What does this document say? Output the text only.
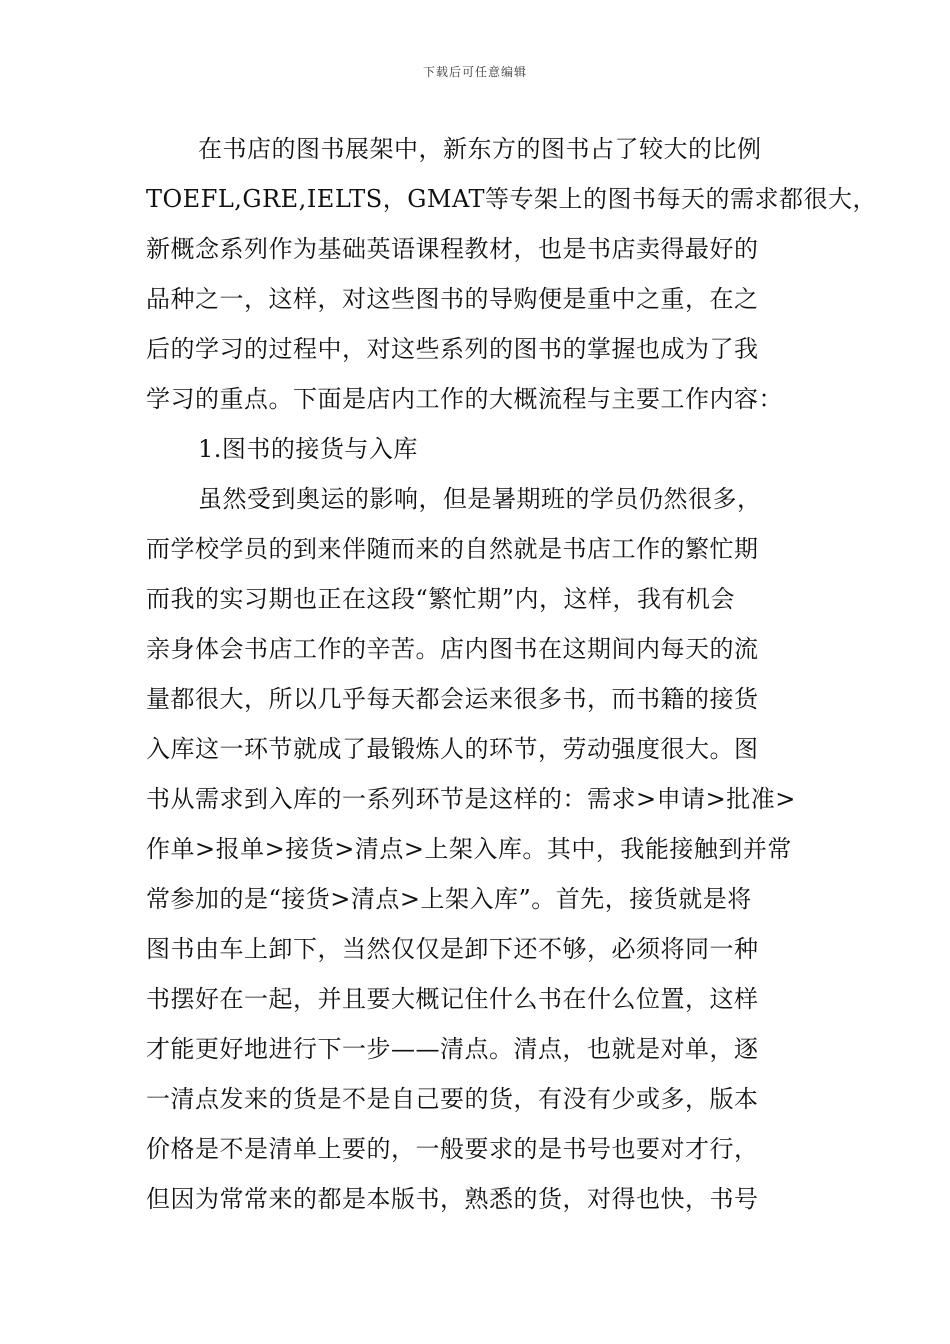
下载后可任意编辑
在书店的图书展架中，新东方的图书占了较大的比例
TOEFL,GRE,IELTS，GMAT等专架上的图书每天的需求都很大，
新概念系列作为基础英语课程教材，也是书店卖得最好的
品种之一，这样，对这些图书的导购便是重中之重，在之
后的学习的过程中，对这些系列的图书的掌握也成为了我
学习的重点。下面是店内工作的大概流程与主要工作内容：
1.图书的接货与入库
虽然受到奥运的影响，但是暑期班的学员仍然很多，
而学校学员的到来伴随而来的自然就是书店工作的繁忙期
而我的实习期也正在这段“繁忙期”内，这样，我有机会
亲身体会书店工作的辛苦。店内图书在这期间内每天的流
量都很大，所以几乎每天都会运来很多书，而书籍的接货
入库这一环节就成了最锻炼人的环节，劳动强度很大。图
书从需求到入库的一系列环节是这样的：需求>申请>批准>
作单>报单>接货>清点>上架入库。其中，我能接触到并常
常参加的是“接货>清点>上架入库”。首先，接货就是将
图书由车上卸下，当然仅仅是卸下还不够，必须将同一种
书摆好在一起，并且要大概记住什么书在什么位置，这样
才能更好地进行下一步——清点。清点，也就是对单，逐
一清点发来的货是不是自己要的货，有没有少或多，版本
价格是不是清单上要的，一般要求的是书号也要对才行，
但因为常常来的都是本版书，熟悉的货，对得也快，书号
